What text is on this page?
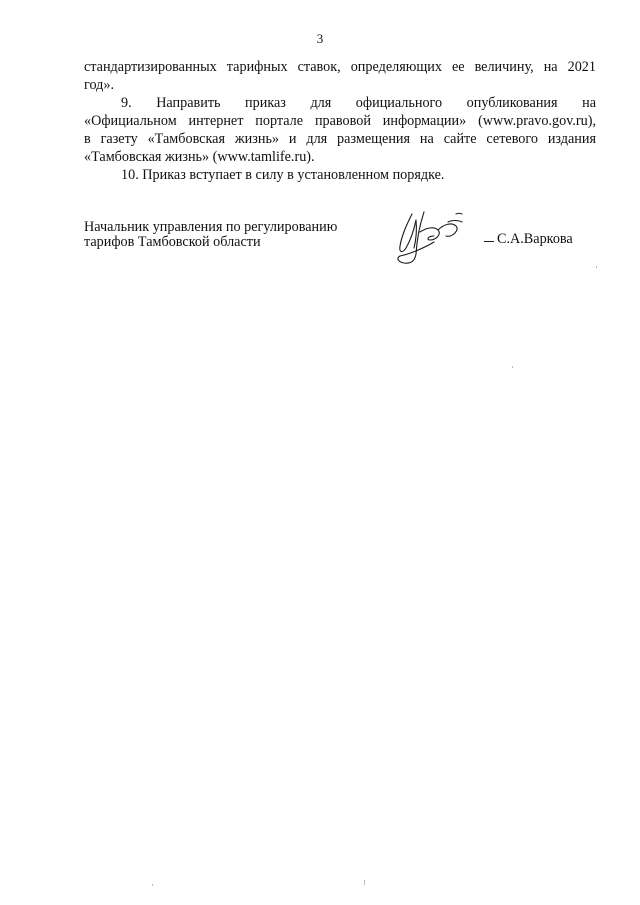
3

стандартизированных тарифных ставок, определяющих ее величину, на 2021

год».

9. Направить приказ для официального опубликования на

«Официальном интернет портале правовой информации» (www.pravo.gov.ru),

в газету «Тамбовская жизнь» и для размещения на сайте сетевого издания

«Тамбовская жизнь» (www.tamlife.ru).

10. Приказ вступает в силу в установленном порядке.

Начальник управления по регулированию
тарифов Тамбовской области	С.А.Варкова
